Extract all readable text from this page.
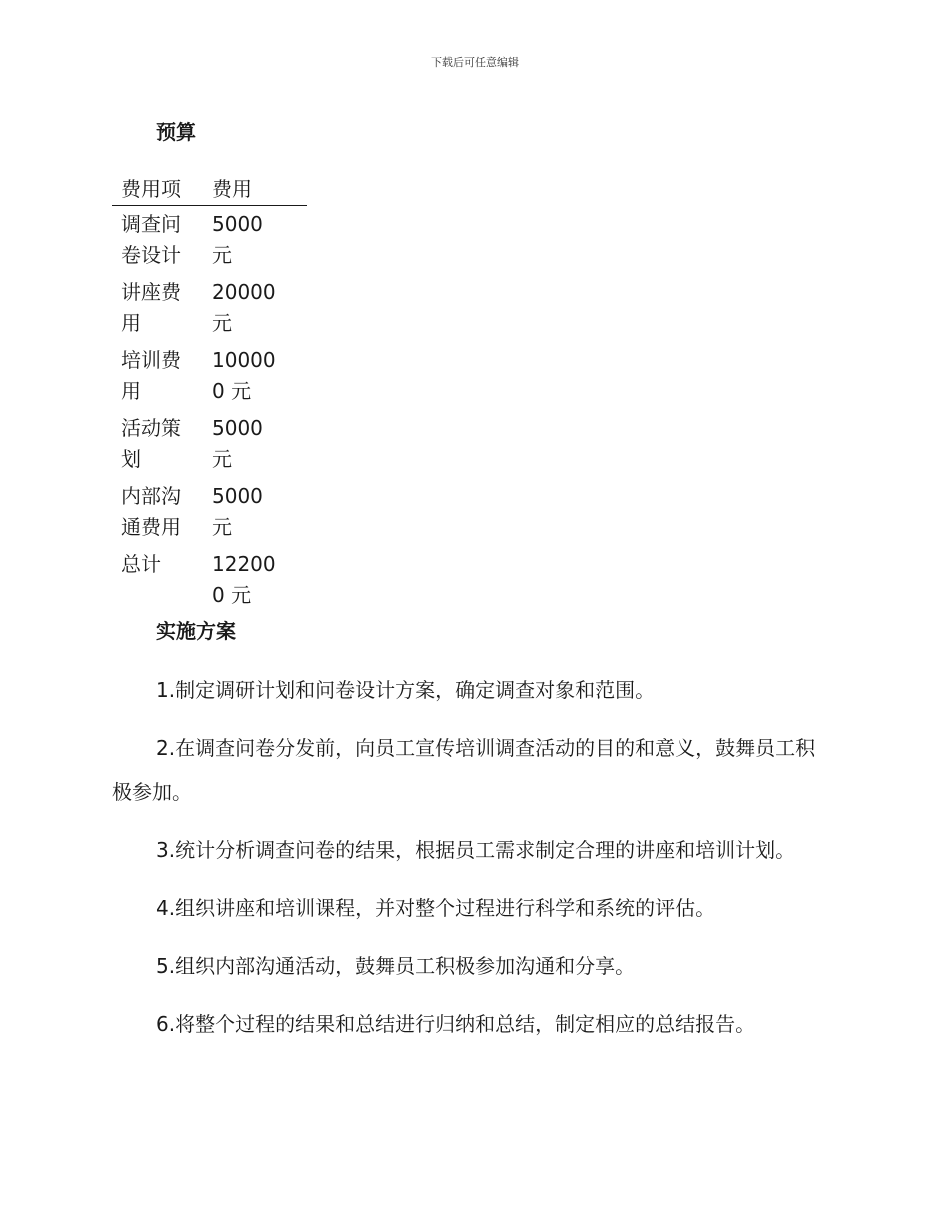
下载后可任意编辑
预算
费用项	费用

调查问卷设计	5000 元

讲座费用	20000 元

培训费用	100000 元

活动策划	5000 元

内部沟通费用	5000 元

总计	122000 元
实施方案

1.制定调研计划和问卷设计方案，确定调查对象和范围。

2.在调查问卷分发前，向员工宣传培训调查活动的目的和意义，鼓舞员工积极参加。

3.统计分析调查问卷的结果，根据员工需求制定合理的讲座和培训计划。

4.组织讲座和培训课程，并对整个过程进行科学和系统的评估。

5.组织内部沟通活动，鼓舞员工积极参加沟通和分享。

6.将整个过程的结果和总结进行归纳和总结，制定相应的总结报告。
